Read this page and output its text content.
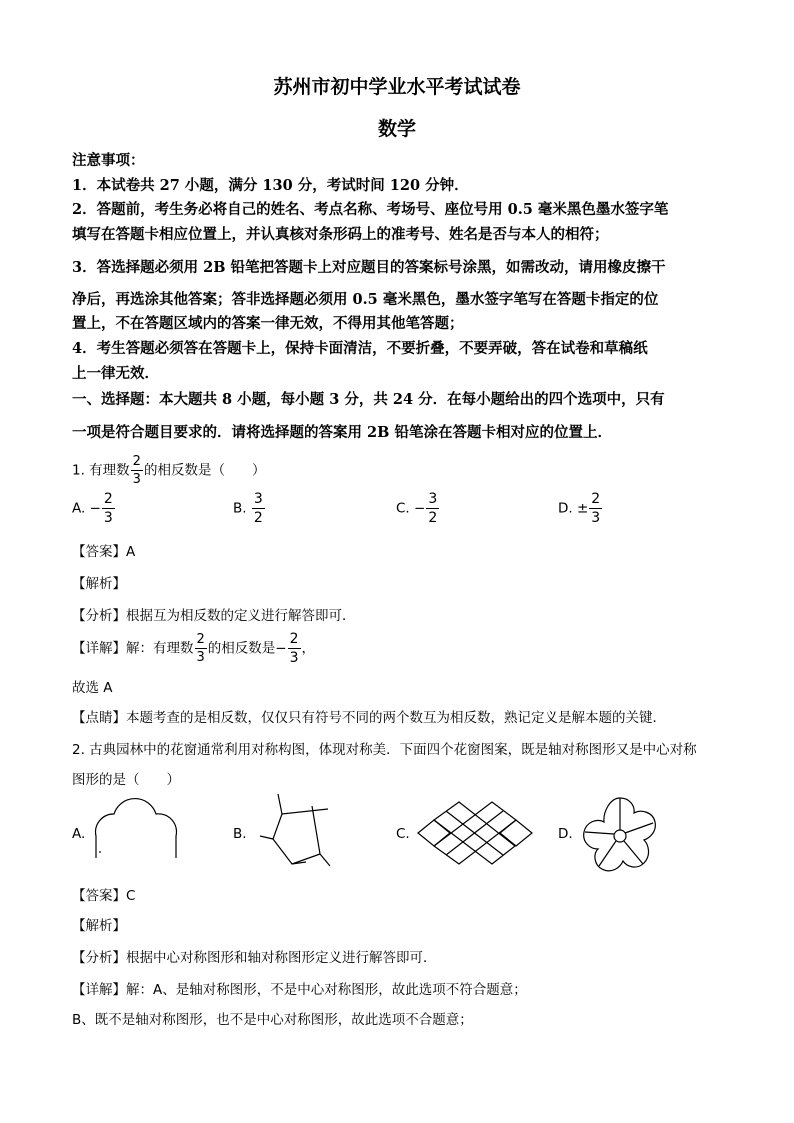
苏州市初中学业水平考试试卷
数学
注意事项：
1．本试卷共 27 小题，满分 130 分，考试时间 120 分钟．
2．答题前，考生务必将自己的姓名、考点名称、考场号、座位号用 0.5 毫米黑色墨水签字笔
填写在答题卡相应位置上，并认真核对条形码上的准考号、姓名是否与本人的相符；
3．答选择题必须用 2B 铅笔把答题卡上对应题目的答案标号涂黑，如需改动，请用橡皮擦干
净后，再选涂其他答案；答非选择题必须用 0.5 毫米黑色，墨水签字笔写在答题卡指定的位
置上，不在答题区域内的答案一律无效，不得用其他笔答题；
4．考生答题必须答在答题卡上，保持卡面清洁，不要折叠，不要弄破，答在试卷和草稿纸
上一律无效．
一、选择题：本大题共 8 小题，每小题 3 分，共 24 分．在每小题给出的四个选项中，只有
一项是符合题目要求的．请将选择题的答案用 2B 铅笔涂在答题卡相对应的位置上．
1. 有理数 $\frac{2}{3}$ 的相反数是（　　）
A. − $\frac{2}{3}$	B. $\frac{3}{2}$	C. − $\frac{3}{2}$	D. ± $\frac{2}{3}$
【答案】A
【解析】
【分析】根据互为相反数的定义进行解答即可．
【详解】解：有理数 $\frac{2}{3}$ 的相反数是− $\frac{2}{3}$ ，
故选 A
【点睛】本题考查的是相反数，仅仅只有符号不同的两个数互为相反数，熟记定义是解本题的关键．
2. 古典园林中的花窗通常利用对称构图，体现对称美．下面四个花窗图案，既是轴对称图形又是中心对称
图形的是（　　）
A.	B.	C.	D.
【答案】C
【解析】
【分析】根据中心对称图形和轴对称图形定义进行解答即可．
【详解】解：A、是轴对称图形，不是中心对称图形，故此选项不符合题意；
B、既不是轴对称图形，也不是中心对称图形，故此选项不合题意；
